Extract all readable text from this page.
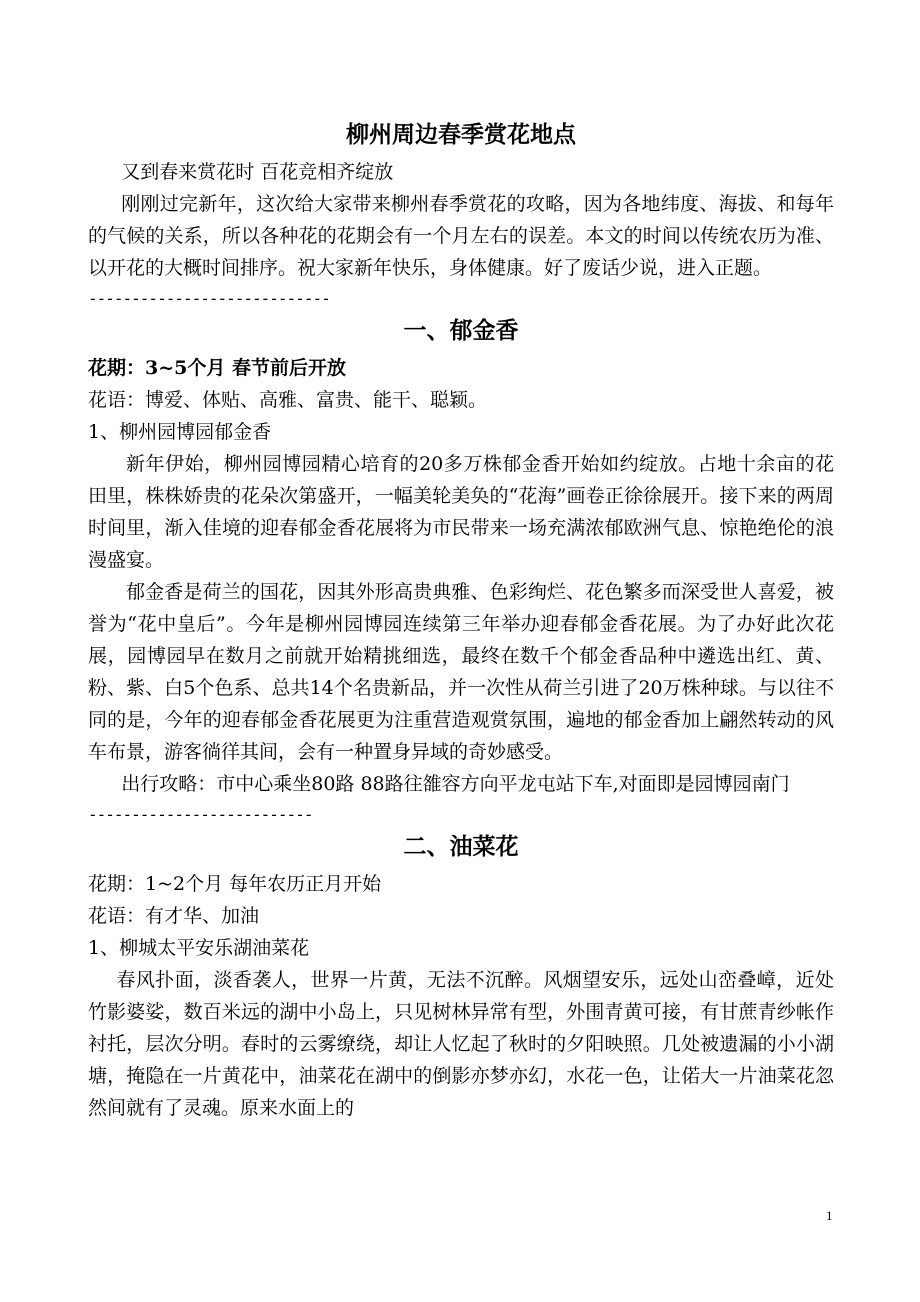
柳州周边春季赏花地点

又到春来赏花时 百花竞相齐绽放

刚刚过完新年，这次给大家带来柳州春季赏花的攻略，因为各地纬度、海拔、和每年的气候的关系，所以各种花的花期会有一个月左右的误差。本文的时间以传统农历为准、以开花的大概时间排序。祝大家新年快乐，身体健康。好了废话少说，进入正题。

----------------------------

一、郁金香

花期：3~5个月 春节前后开放

花语：博爱、体贴、高雅、富贵、能干、聪颖。

1、柳州园博园郁金香

新年伊始，柳州园博园精心培育的20多万株郁金香开始如约绽放。占地十余亩的花田里，株株娇贵的花朵次第盛开，一幅美轮美奂的“花海”画卷正徐徐展开。接下来的两周时间里，渐入佳境的迎春郁金香花展将为市民带来一场充满浓郁欧洲气息、惊艳绝伦的浪漫盛宴。

郁金香是荷兰的国花，因其外形高贵典雅、色彩绚烂、花色繁多而深受世人喜爱，被誉为“花中皇后”。今年是柳州园博园连续第三年举办迎春郁金香花展。为了办好此次花展，园博园早在数月之前就开始精挑细选，最终在数千个郁金香品种中遴选出红、黄、粉、紫、白5个色系、总共14个名贵新品，并一次性从荷兰引进了20万株种球。与以往不同的是，今年的迎春郁金香花展更为注重营造观赏氛围，遍地的郁金香加上翩然转动的风车布景，游客徜徉其间，会有一种置身异域的奇妙感受。

出行攻略：市中心乘坐80路 88路往雒容方向平龙屯站下车,对面即是园博园南门

--------------------------

二、油菜花

花期：1~2个月 每年农历正月开始

花语：有才华、加油

1、柳城太平安乐湖油菜花

春风扑面，淡香袭人，世界一片黄，无法不沉醉。风烟望安乐，远处山峦叠嶂，近处竹影婆娑，数百米远的湖中小岛上，只见树林异常有型，外围青黄可接，有甘蔗青纱帐作衬托，层次分明。春时的云雾缭绕，却让人忆起了秋时的夕阳映照。几处被遗漏的小小湖塘，掩隐在一片黄花中，油菜花在湖中的倒影亦梦亦幻，水花一色，让偌大一片油菜花忽然间就有了灵魂。原来水面上的

1
